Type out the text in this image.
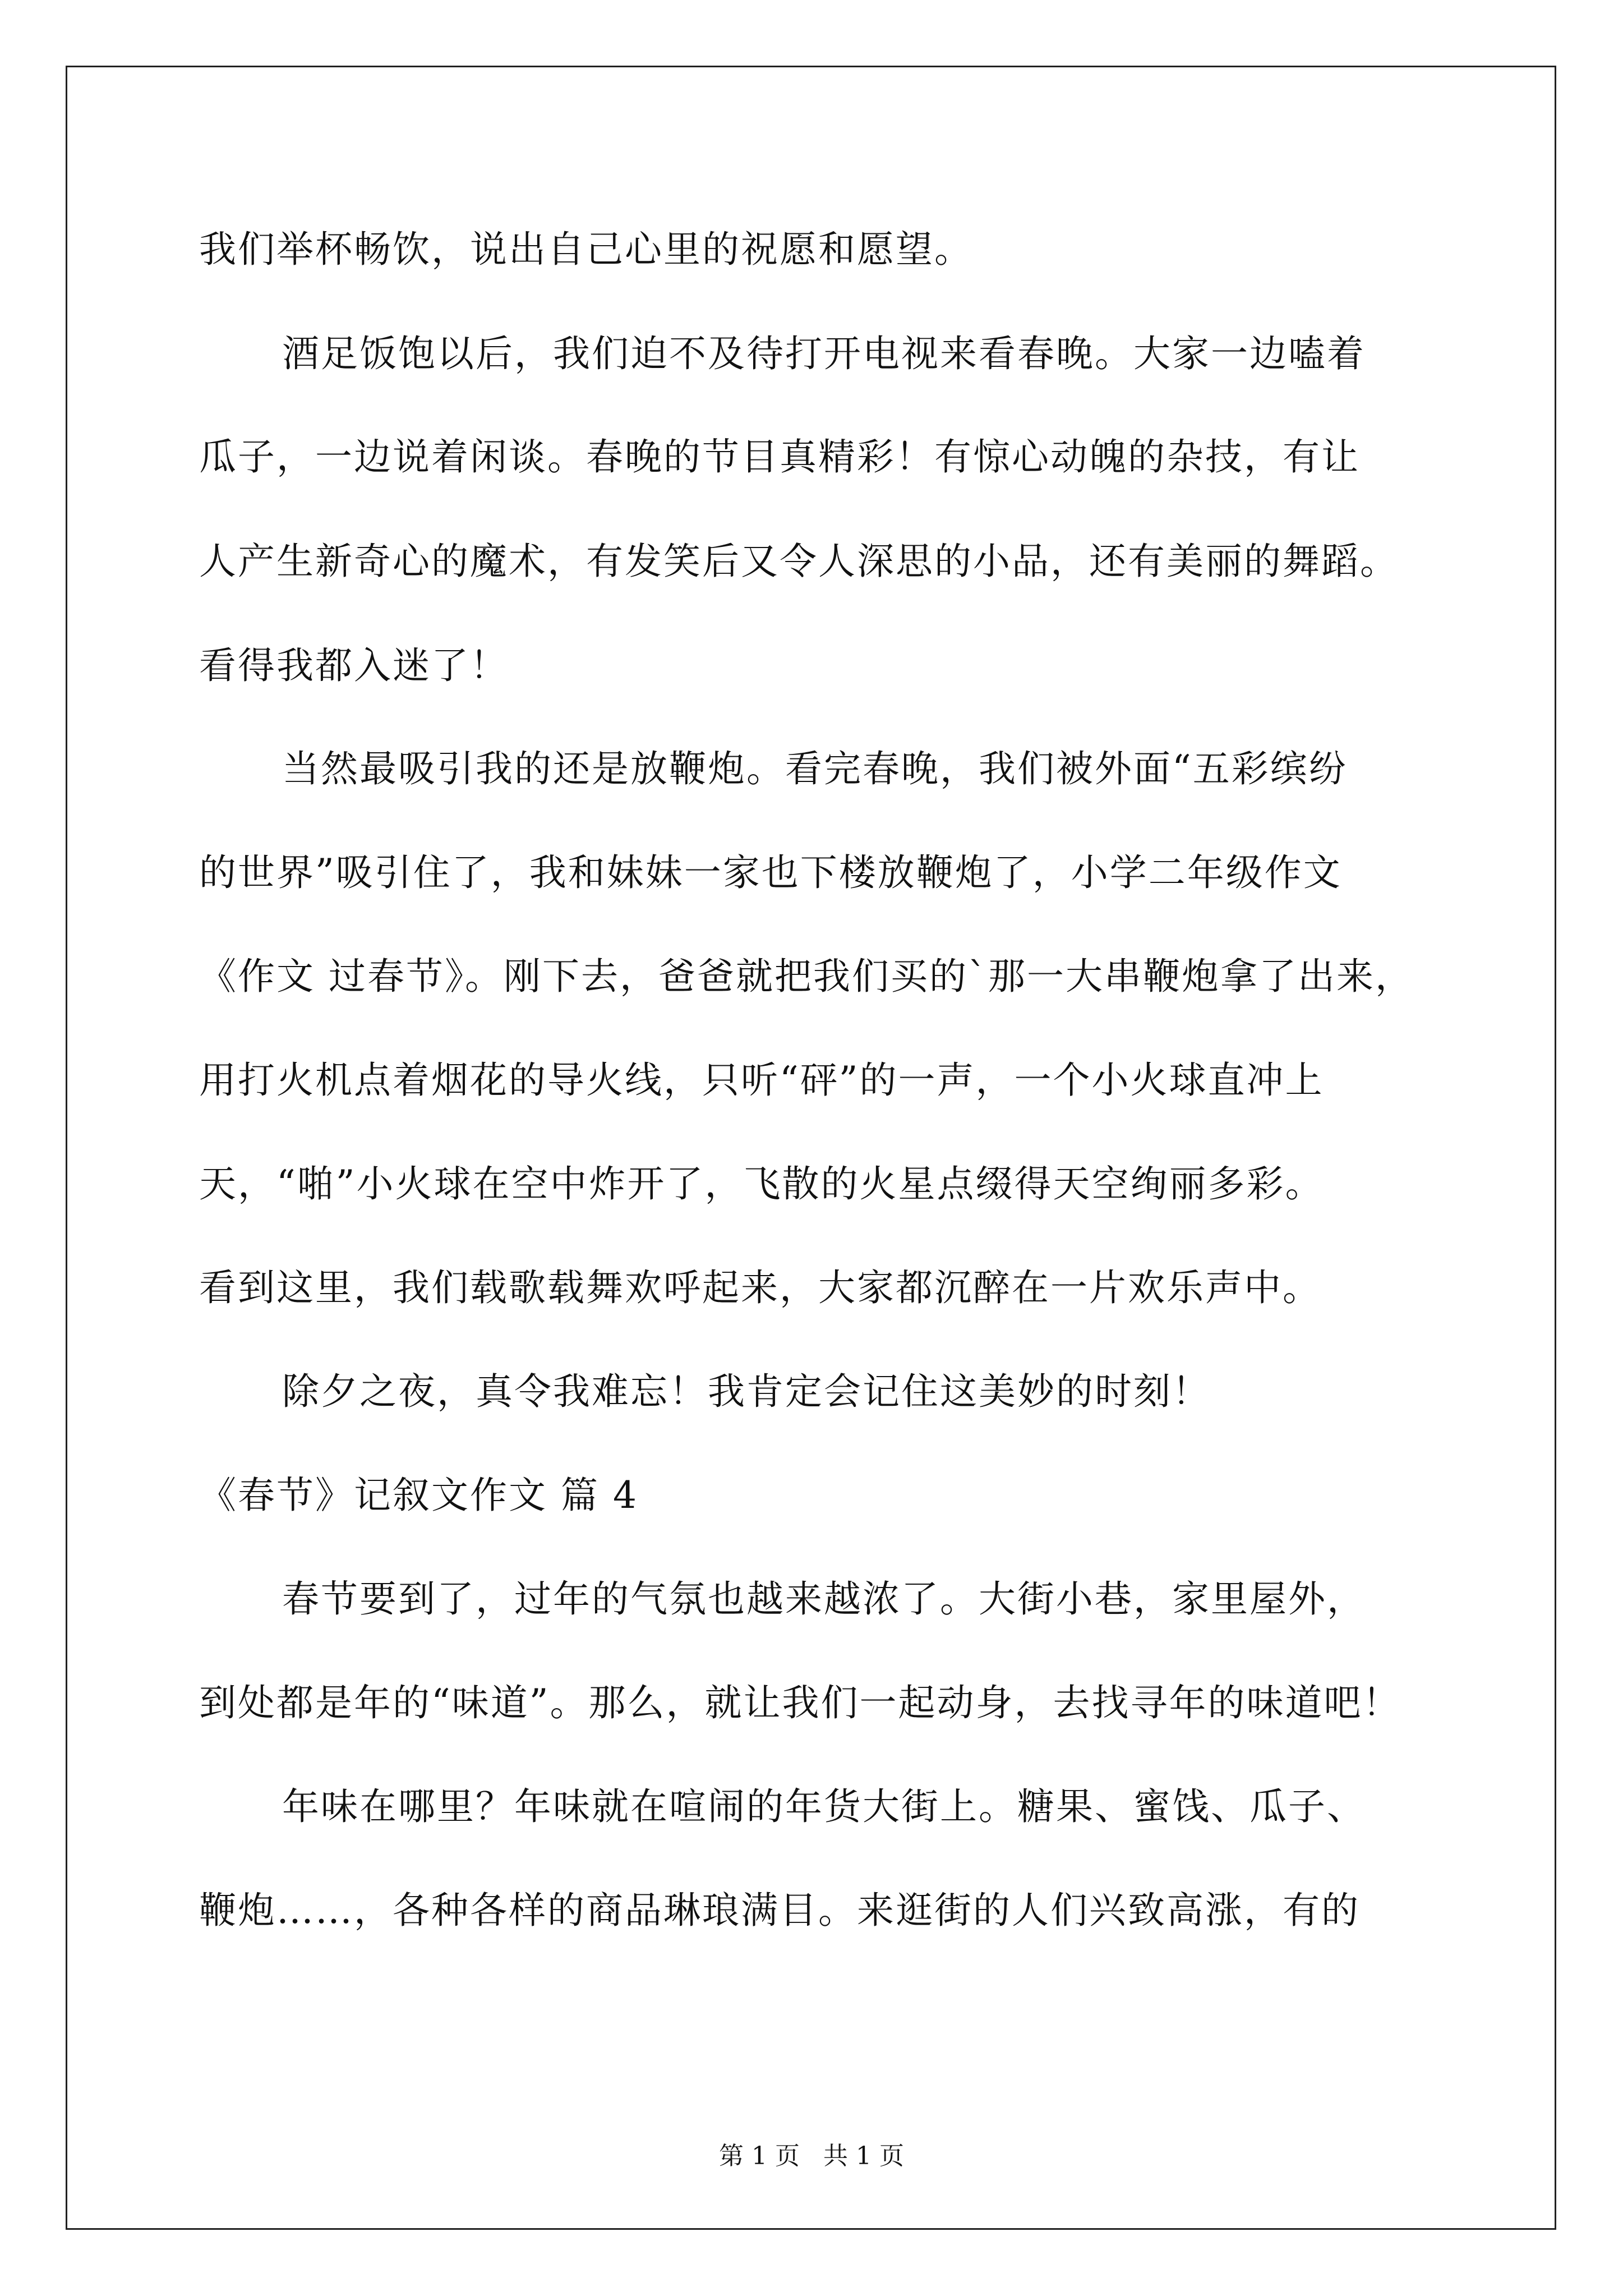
我们举杯畅饮，说出自己心里的祝愿和愿望。
酒足饭饱以后，我们迫不及待打开电视来看春晚。大家一边嗑着
瓜子，一边说着闲谈。春晚的节目真精彩！有惊心动魄的杂技，有让
人产生新奇心的魔术，有发笑后又令人深思的小品，还有美丽的舞蹈。
看得我都入迷了！
当然最吸引我的还是放鞭炮。看完春晚，我们被外面“五彩缤纷
的世界”吸引住了，我和妹妹一家也下楼放鞭炮了，小学二年级作文
《作文 过春节》。刚下去，爸爸就把我们买的`那一大串鞭炮拿了出来，
用打火机点着烟花的导火线，只听“砰”的一声，一个小火球直冲上
天，“啪”小火球在空中炸开了，飞散的火星点缀得天空绚丽多彩。
看到这里，我们载歌载舞欢呼起来，大家都沉醉在一片欢乐声中。
除夕之夜，真令我难忘！我肯定会记住这美妙的时刻！
《春节》记叙文作文 篇 4
春节要到了，过年的气氛也越来越浓了。大街小巷，家里屋外，
到处都是年的“味道”。那么，就让我们一起动身，去找寻年的味道吧！
年味在哪里？年味就在喧闹的年货大街上。糖果、蜜饯、瓜子、
鞭炮……，各种各样的商品琳琅满目。来逛街的人们兴致高涨，有的
第 1 页   共 1 页
